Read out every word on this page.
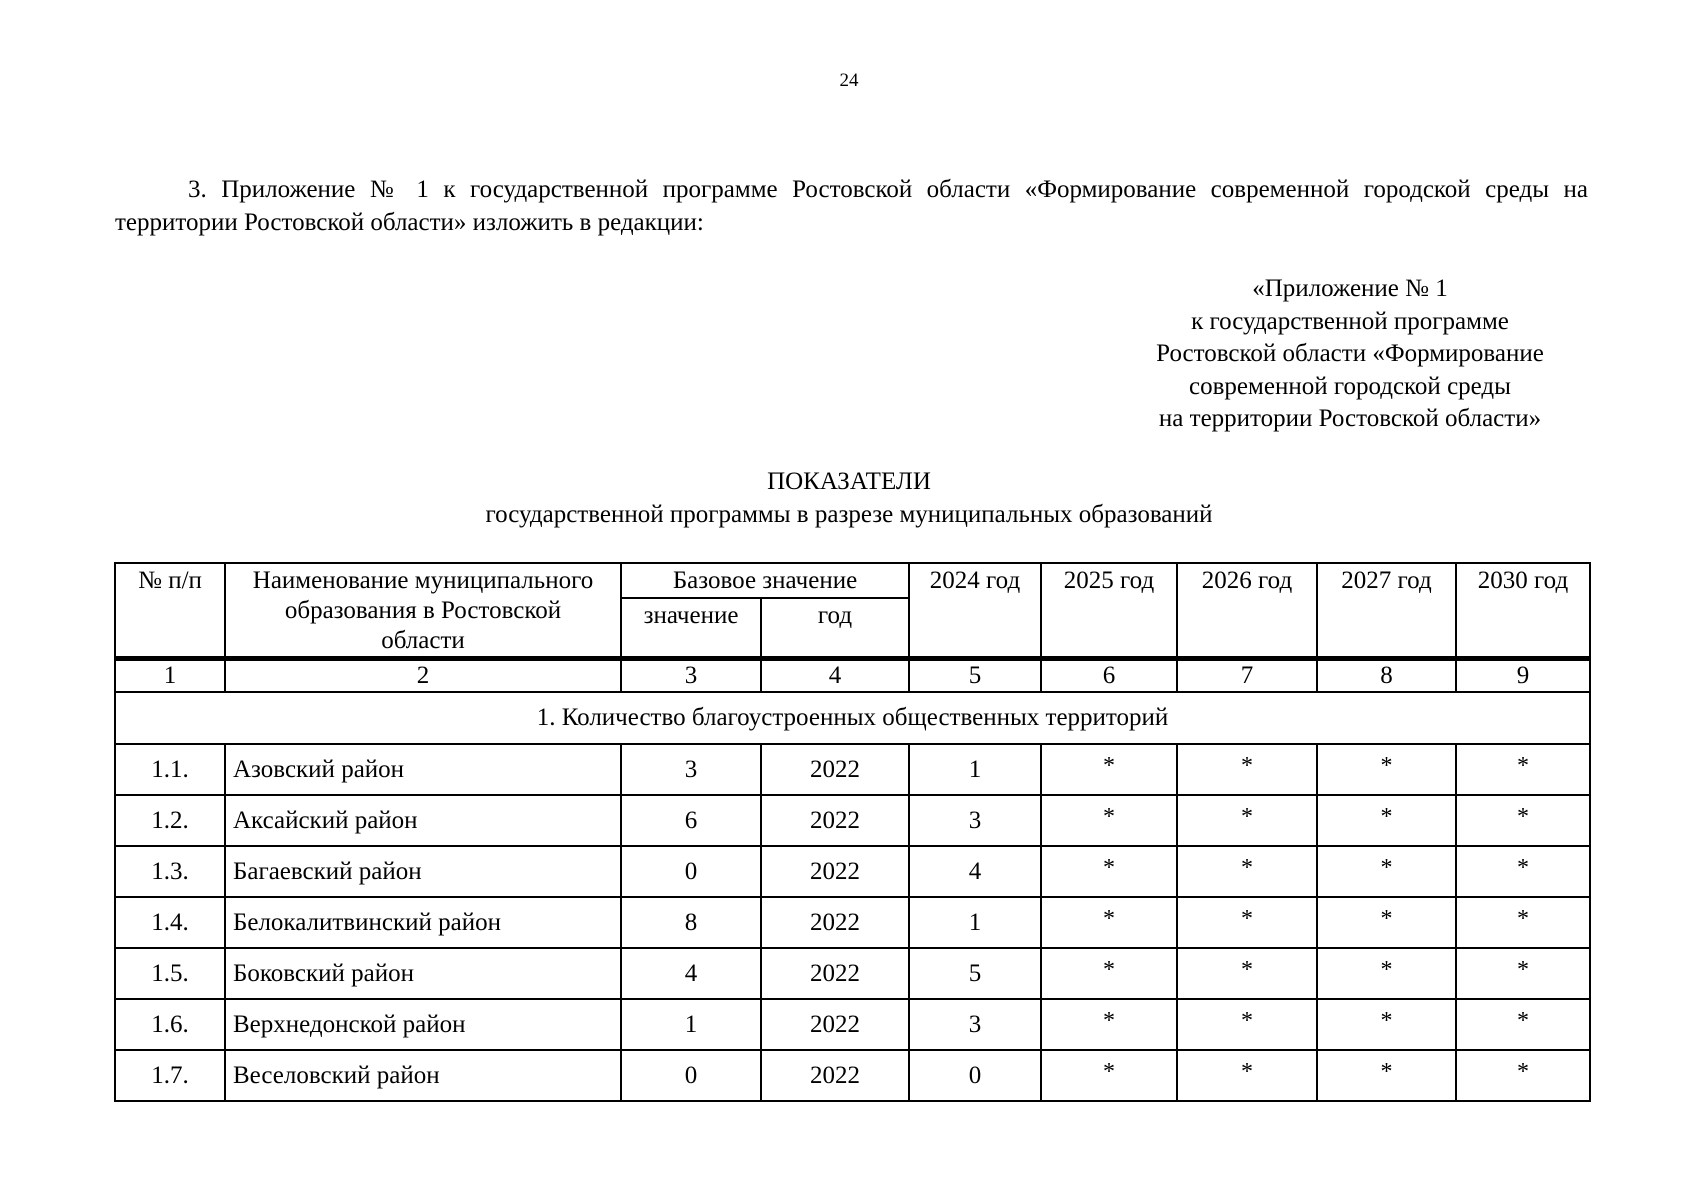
24

3. Приложение № 1 к государственной программе Ростовской области «Формирование современной городской среды на территории Ростовской области» изложить в редакции:

«Приложение № 1
к государственной программе
Ростовской области «Формирование
современной городской среды
на территории Ростовской области»
ПОКАЗАТЕЛИ
государственной программы в разрезе муниципальных образований
№ п/п	Наименование муниципального образования в Ростовской области	Базовое значение		2024 год	2025 год	2026 год	2027 год	2030 год
		значение	год					
1	2	3	4	5	6	7	8	9
1. Количество благоустроенных общественных территорий								
1.1.	Азовский район	3	2022	1	*	*	*	*
1.2.	Аксайский район	6	2022	3	*	*	*	*
1.3.	Багаевский район	0	2022	4	*	*	*	*
1.4.	Белокалитвинский район	8	2022	1	*	*	*	*
1.5.	Боковский район	4	2022	5	*	*	*	*
1.6.	Верхнедонской район	1	2022	3	*	*	*	*
1.7.	Веселовский район	0	2022	0	*	*	*	*
